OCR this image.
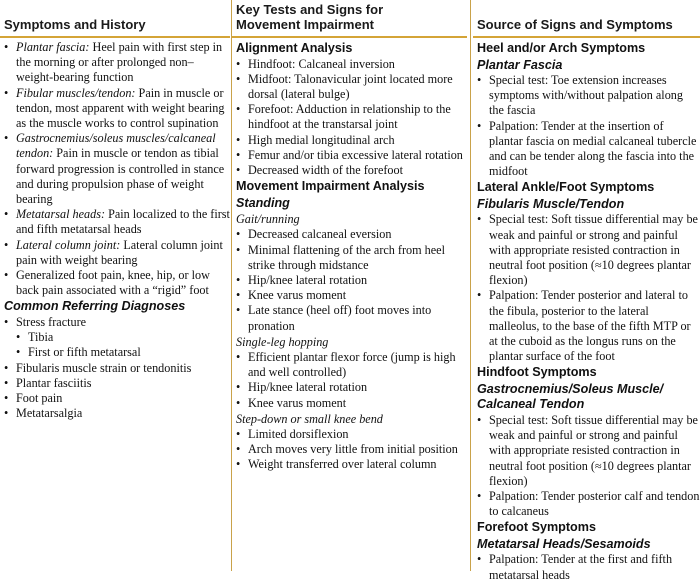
Symptoms and History
• Plantar fascia: Heel pain with first step in the morning or after prolonged non–weight-bearing function
• Fibular muscles/tendon: Pain in muscle or tendon, most apparent with weight bearing as the muscle works to control supination
• Gastrocnemius/soleus muscles/calcaneal tendon: Pain in muscle or tendon as tibial forward progression is controlled in stance and during propulsion phase of weight bearing
• Metatarsal heads: Pain localized to the first and fifth metatarsal heads
• Lateral column joint: Lateral column joint pain with weight bearing
• Generalized foot pain, knee, hip, or low back pain associated with a “rigid” foot
Common Referring Diagnoses
• Stress fracture
• Tibia
• First or fifth metatarsal
• Fibularis muscle strain or tendonitis
• Plantar fasciitis
• Foot pain
• Metatarsalgia
Key Tests and Signs for
Movement Impairment
Alignment Analysis
• Hindfoot: Calcaneal inversion
• Midfoot: Talonavicular joint located more dorsal (lateral bulge)
• Forefoot: Adduction in relationship to the hindfoot at the transtarsal joint
• High medial longitudinal arch
• Femur and/or tibia excessive lateral rotation
• Decreased width of the forefoot
Movement Impairment Analysis
Standing
Gait/running
• Decreased calcaneal eversion
• Minimal flattening of the arch from heel strike through midstance
• Hip/knee lateral rotation
• Knee varus moment
• Late stance (heel off) foot moves into pronation
Single-leg hopping
• Efficient plantar flexor force (jump is high and well controlled)
• Hip/knee lateral rotation
• Knee varus moment
Step-down or small knee bend
• Limited dorsiflexion
• Arch moves very little from initial position
• Weight transferred over lateral column
Source of Signs and Symptoms
Heel and/or Arch Symptoms
Plantar Fascia
• Special test: Toe extension increases symptoms with/without palpation along the fascia
• Palpation: Tender at the insertion of plantar fascia on medial calcaneal tubercle and can be tender along the fascia into the midfoot
Lateral Ankle/Foot Symptoms
Fibularis Muscle/Tendon
• Special test: Soft tissue differential may be weak and painful or strong and painful with appropriate resisted contraction in neutral foot position (≈10 degrees plantar flexion)
• Palpation: Tender posterior and lateral to the fibula, posterior to the lateral malleolus, to the base of the fifth MTP or at the cuboid as the longus runs on the plantar surface of the foot
Hindfoot Symptoms
Gastrocnemius/Soleus Muscle/ Calcaneal Tendon
• Special test: Soft tissue differential may be weak and painful or strong and painful with appropriate resisted contraction in neutral foot position (≈10 degrees plantar flexion)
• Palpation: Tender posterior calf and tendon to calcaneus
Forefoot Symptoms
Metatarsal Heads/Sesamoids
• Palpation: Tender at the first and fifth metatarsal heads
